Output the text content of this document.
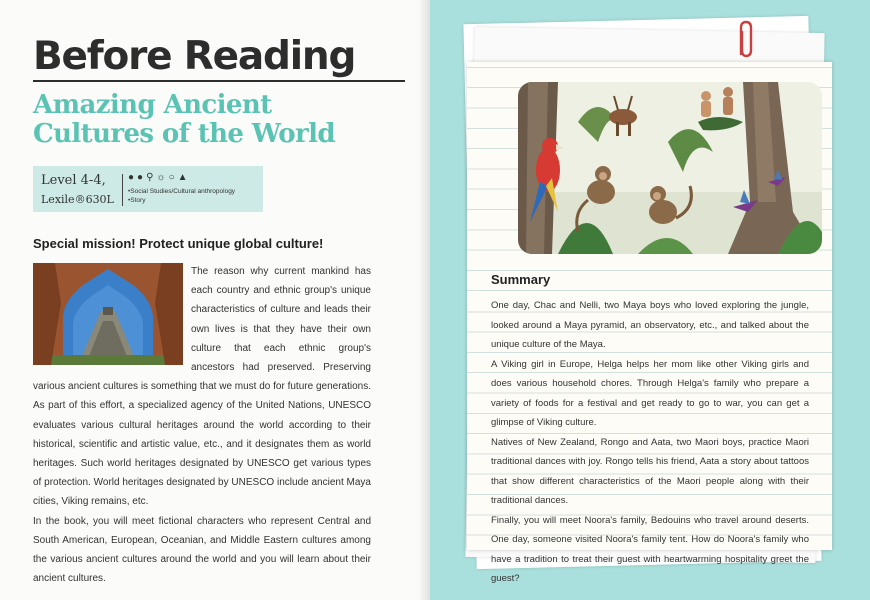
Before Reading
Amazing Ancient
Cultures of the World
Level 4-4,
Lexile®630L
●●⚲☼○▲
•Social Studies/Cultural anthropology
•Story
Special mission! Protect unique global culture!

The reason why current mankind has each country and ethnic group's unique characteristics of culture and leads their own lives is that they have their own culture that each ethnic group's ancestors had preserved. Preserving various ancient cultures is something that we must do for future generations. As part of this effort, a specialized agency of the United Nations, UNESCO evaluates various cultural heritages around the world according to their historical, scientific and artistic value, etc., and it designates them as world heritages. Such world heritages designated by UNESCO get various types of protection. World heritages designated by UNESCO include ancient Maya cities, Viking remains, etc.

In the book, you will meet fictional characters who represent Central and South American, European, Oceanian, and Middle Eastern cultures among the various ancient cultures around the world and you will learn about their ancient cultures.

Summary

One day, Chac and Nelli, two Maya boys who loved exploring the jungle, looked around a Maya pyramid, an observatory, etc., and talked about the unique culture of the Maya.

A Viking girl in Europe, Helga helps her mom like other Viking girls and does various household chores. Through Helga's family who prepare a variety of foods for a festival and get ready to go to war, you can get a glimpse of Viking culture.

Natives of New Zealand, Rongo and Aata, two Maori boys, practice Maori traditional dances with joy. Rongo tells his friend, Aata a story about tattoos that show different characteristics of the Maori people along with their traditional dances.

Finally, you will meet Noora's family, Bedouins who travel around deserts. One day, someone visited Noora's family tent. How do Noora's family who have a tradition to treat their guest with heartwarming hospitality greet the guest?
